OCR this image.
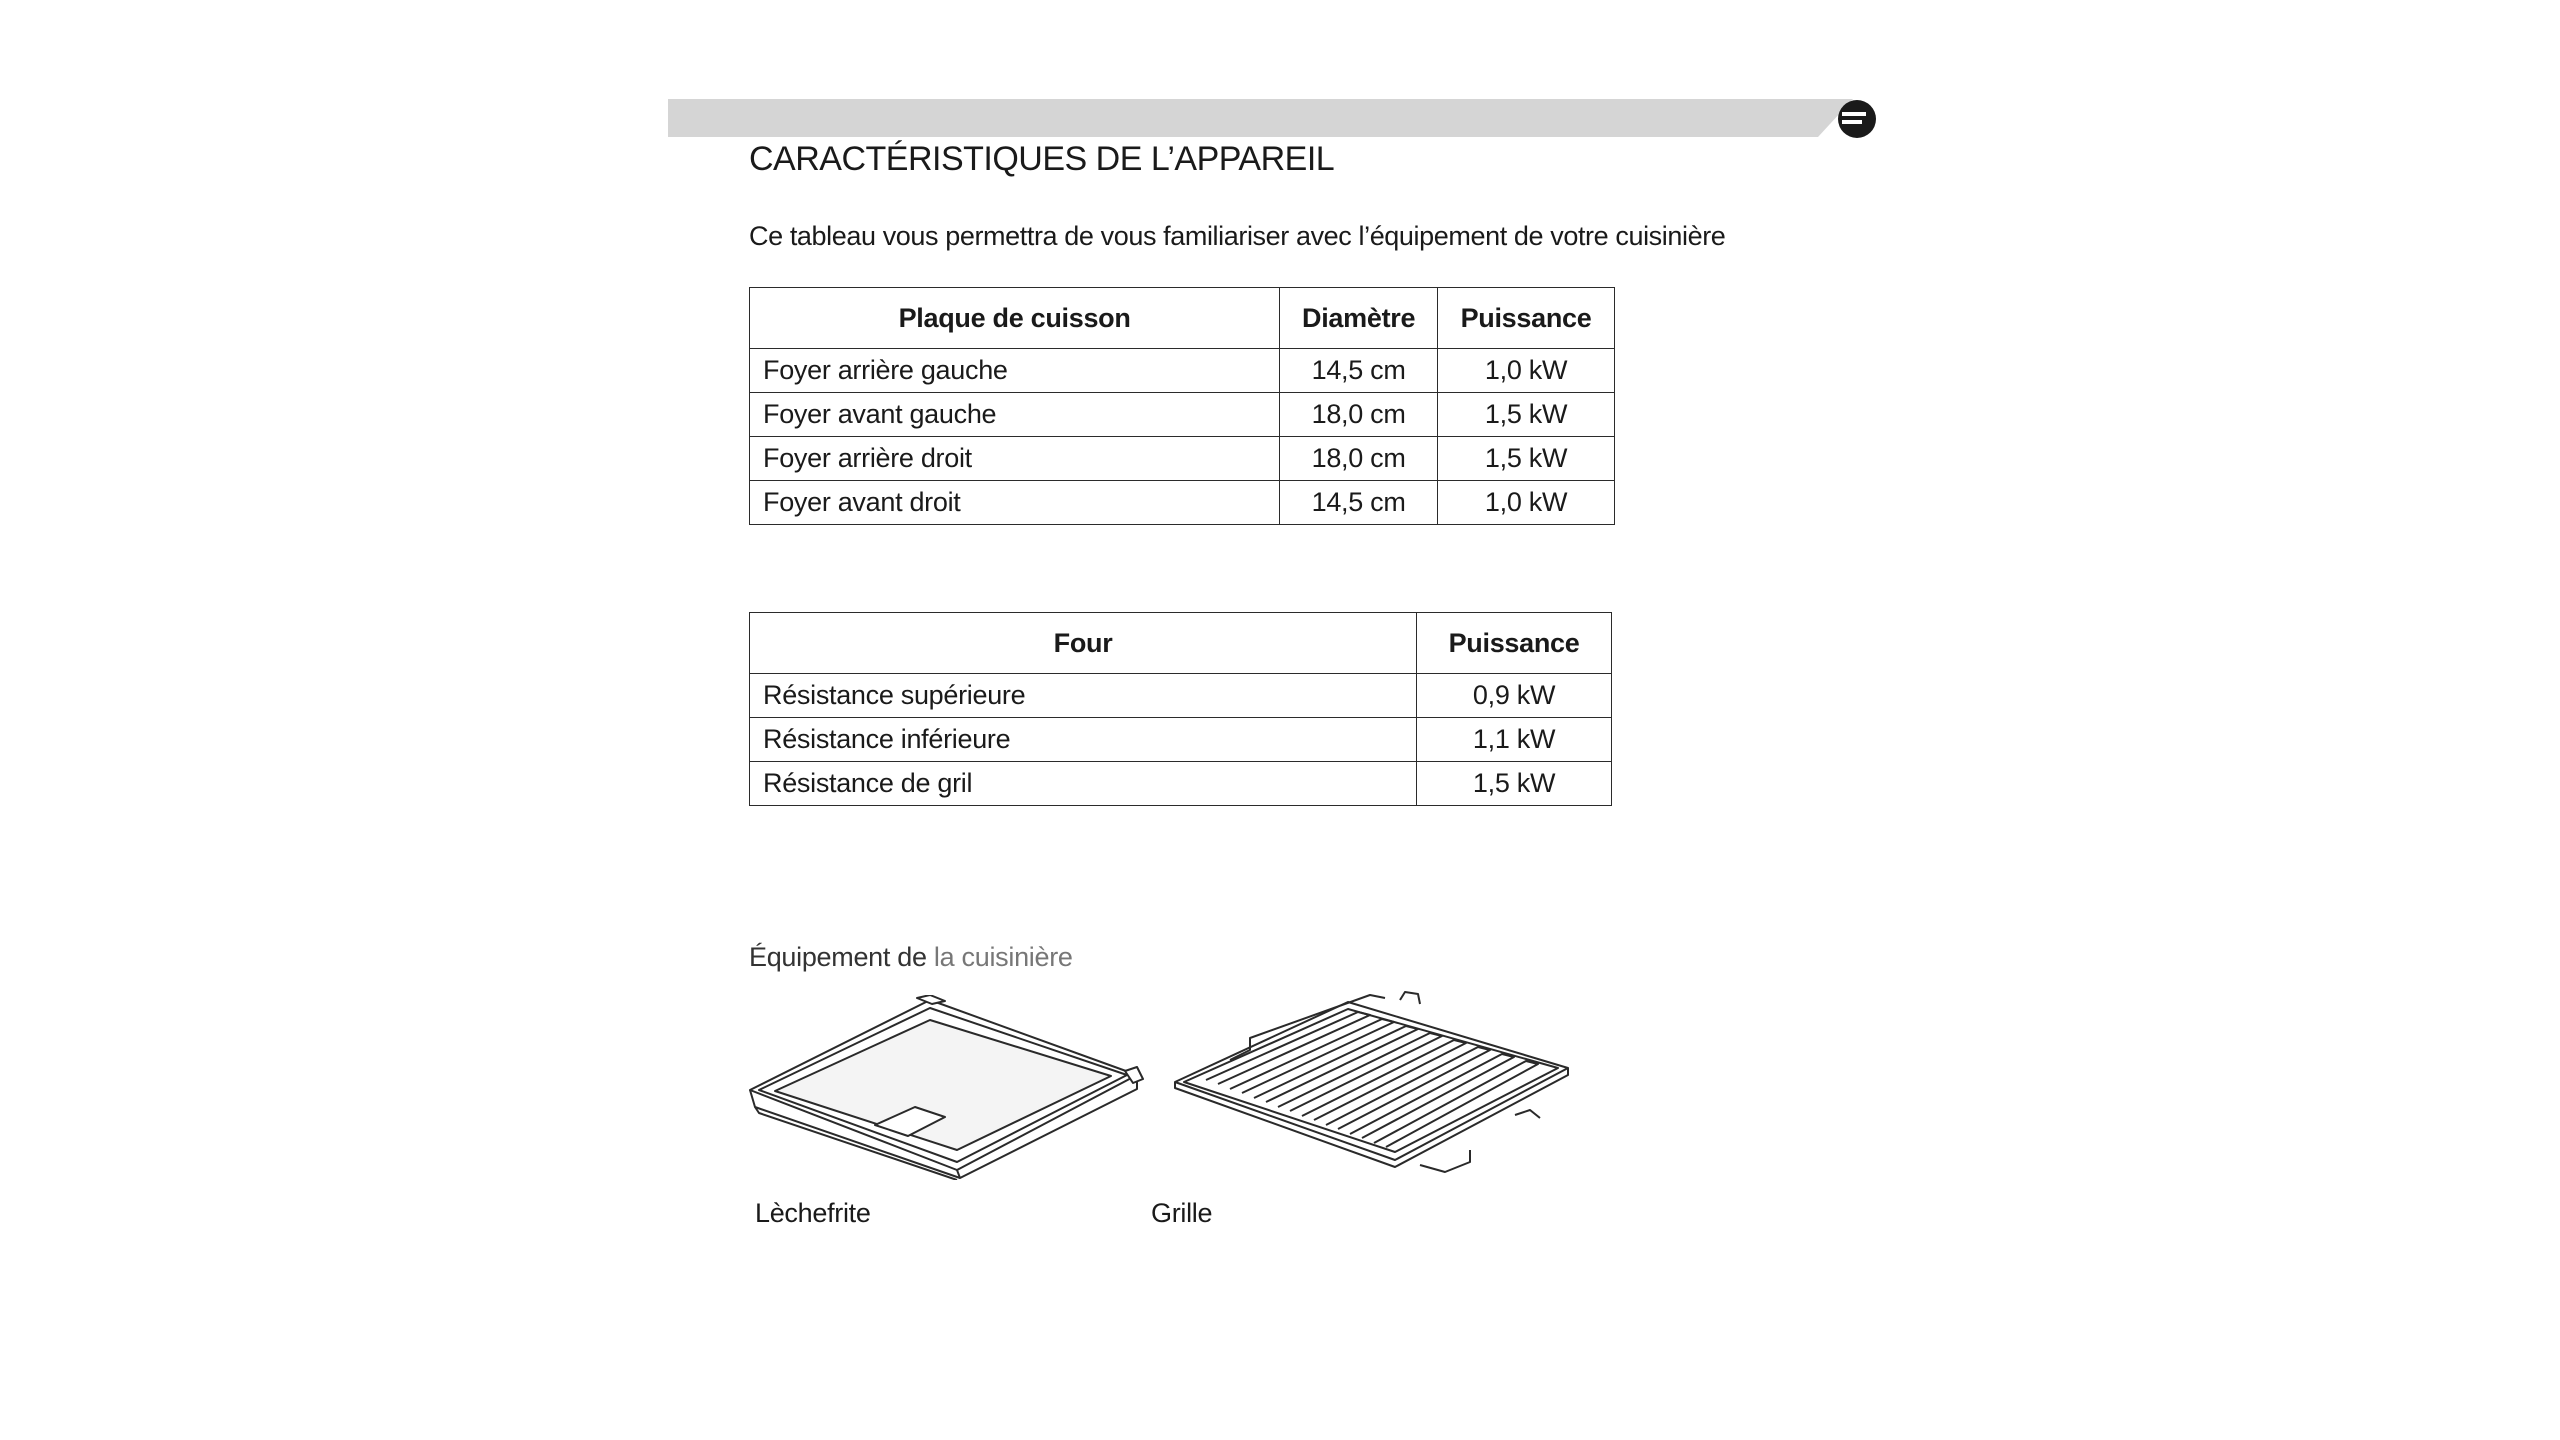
CARACTÉRISTIQUES DE L’APPAREIL
Ce tableau vous permettra de vous familiariser avec l’équipement de votre cuisinière
Plaque de cuisson	Diamètre	Puissance
Foyer arrière gauche	14,5 cm	1,0 kW
Foyer avant gauche	18,0 cm	1,5 kW
Foyer arrière droit	18,0 cm	1,5 kW
Foyer avant droit	14,5 cm	1,0 kW
Four	Puissance
Résistance supérieure	0,9 kW
Résistance inférieure	1,1 kW
Résistance de gril	1,5 kW
Équipement de la cuisinière
Lèchefrite	Grille
